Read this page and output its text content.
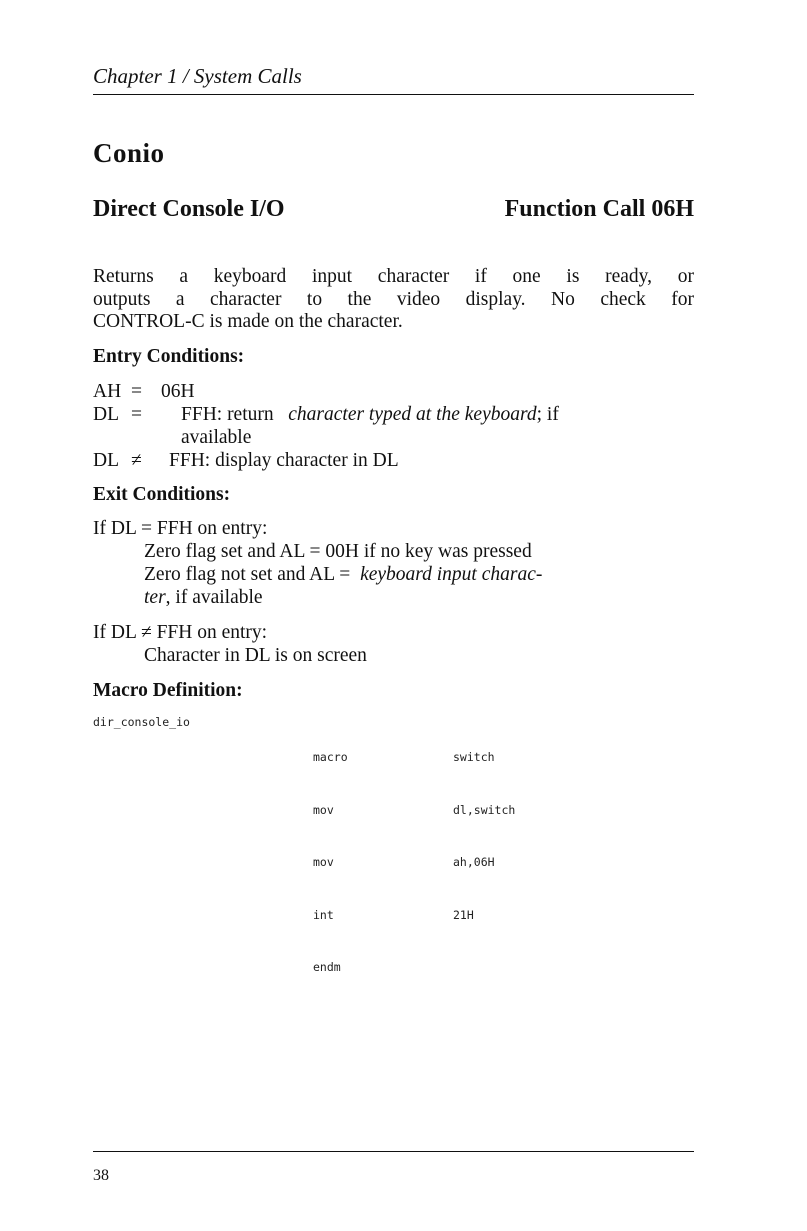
Chapter 1 / System Calls
Conio
Direct Console I/O	Function Call 06H
Returns a keyboard input character if one is ready, or
outputs a character to the video display. No check for
CONTROL-C is made on the character.
Entry Conditions:
AH = 06H
DL = FFH: return character typed at the keyboard; if
available
DL ≠ FFH: display character in DL
Exit Conditions:
If DL = FFH on entry:
Zero flag set and AL = 00H if no key was pressed
Zero flag not set and AL = keyboard input charac-
ter, if available
If DL ≠ FFH on entry:
Character in DL is on screen
Macro Definition:
dir_console_io

macro

mov

mov

int

endm

switch

dl,switch

ah,06H

21H

38
